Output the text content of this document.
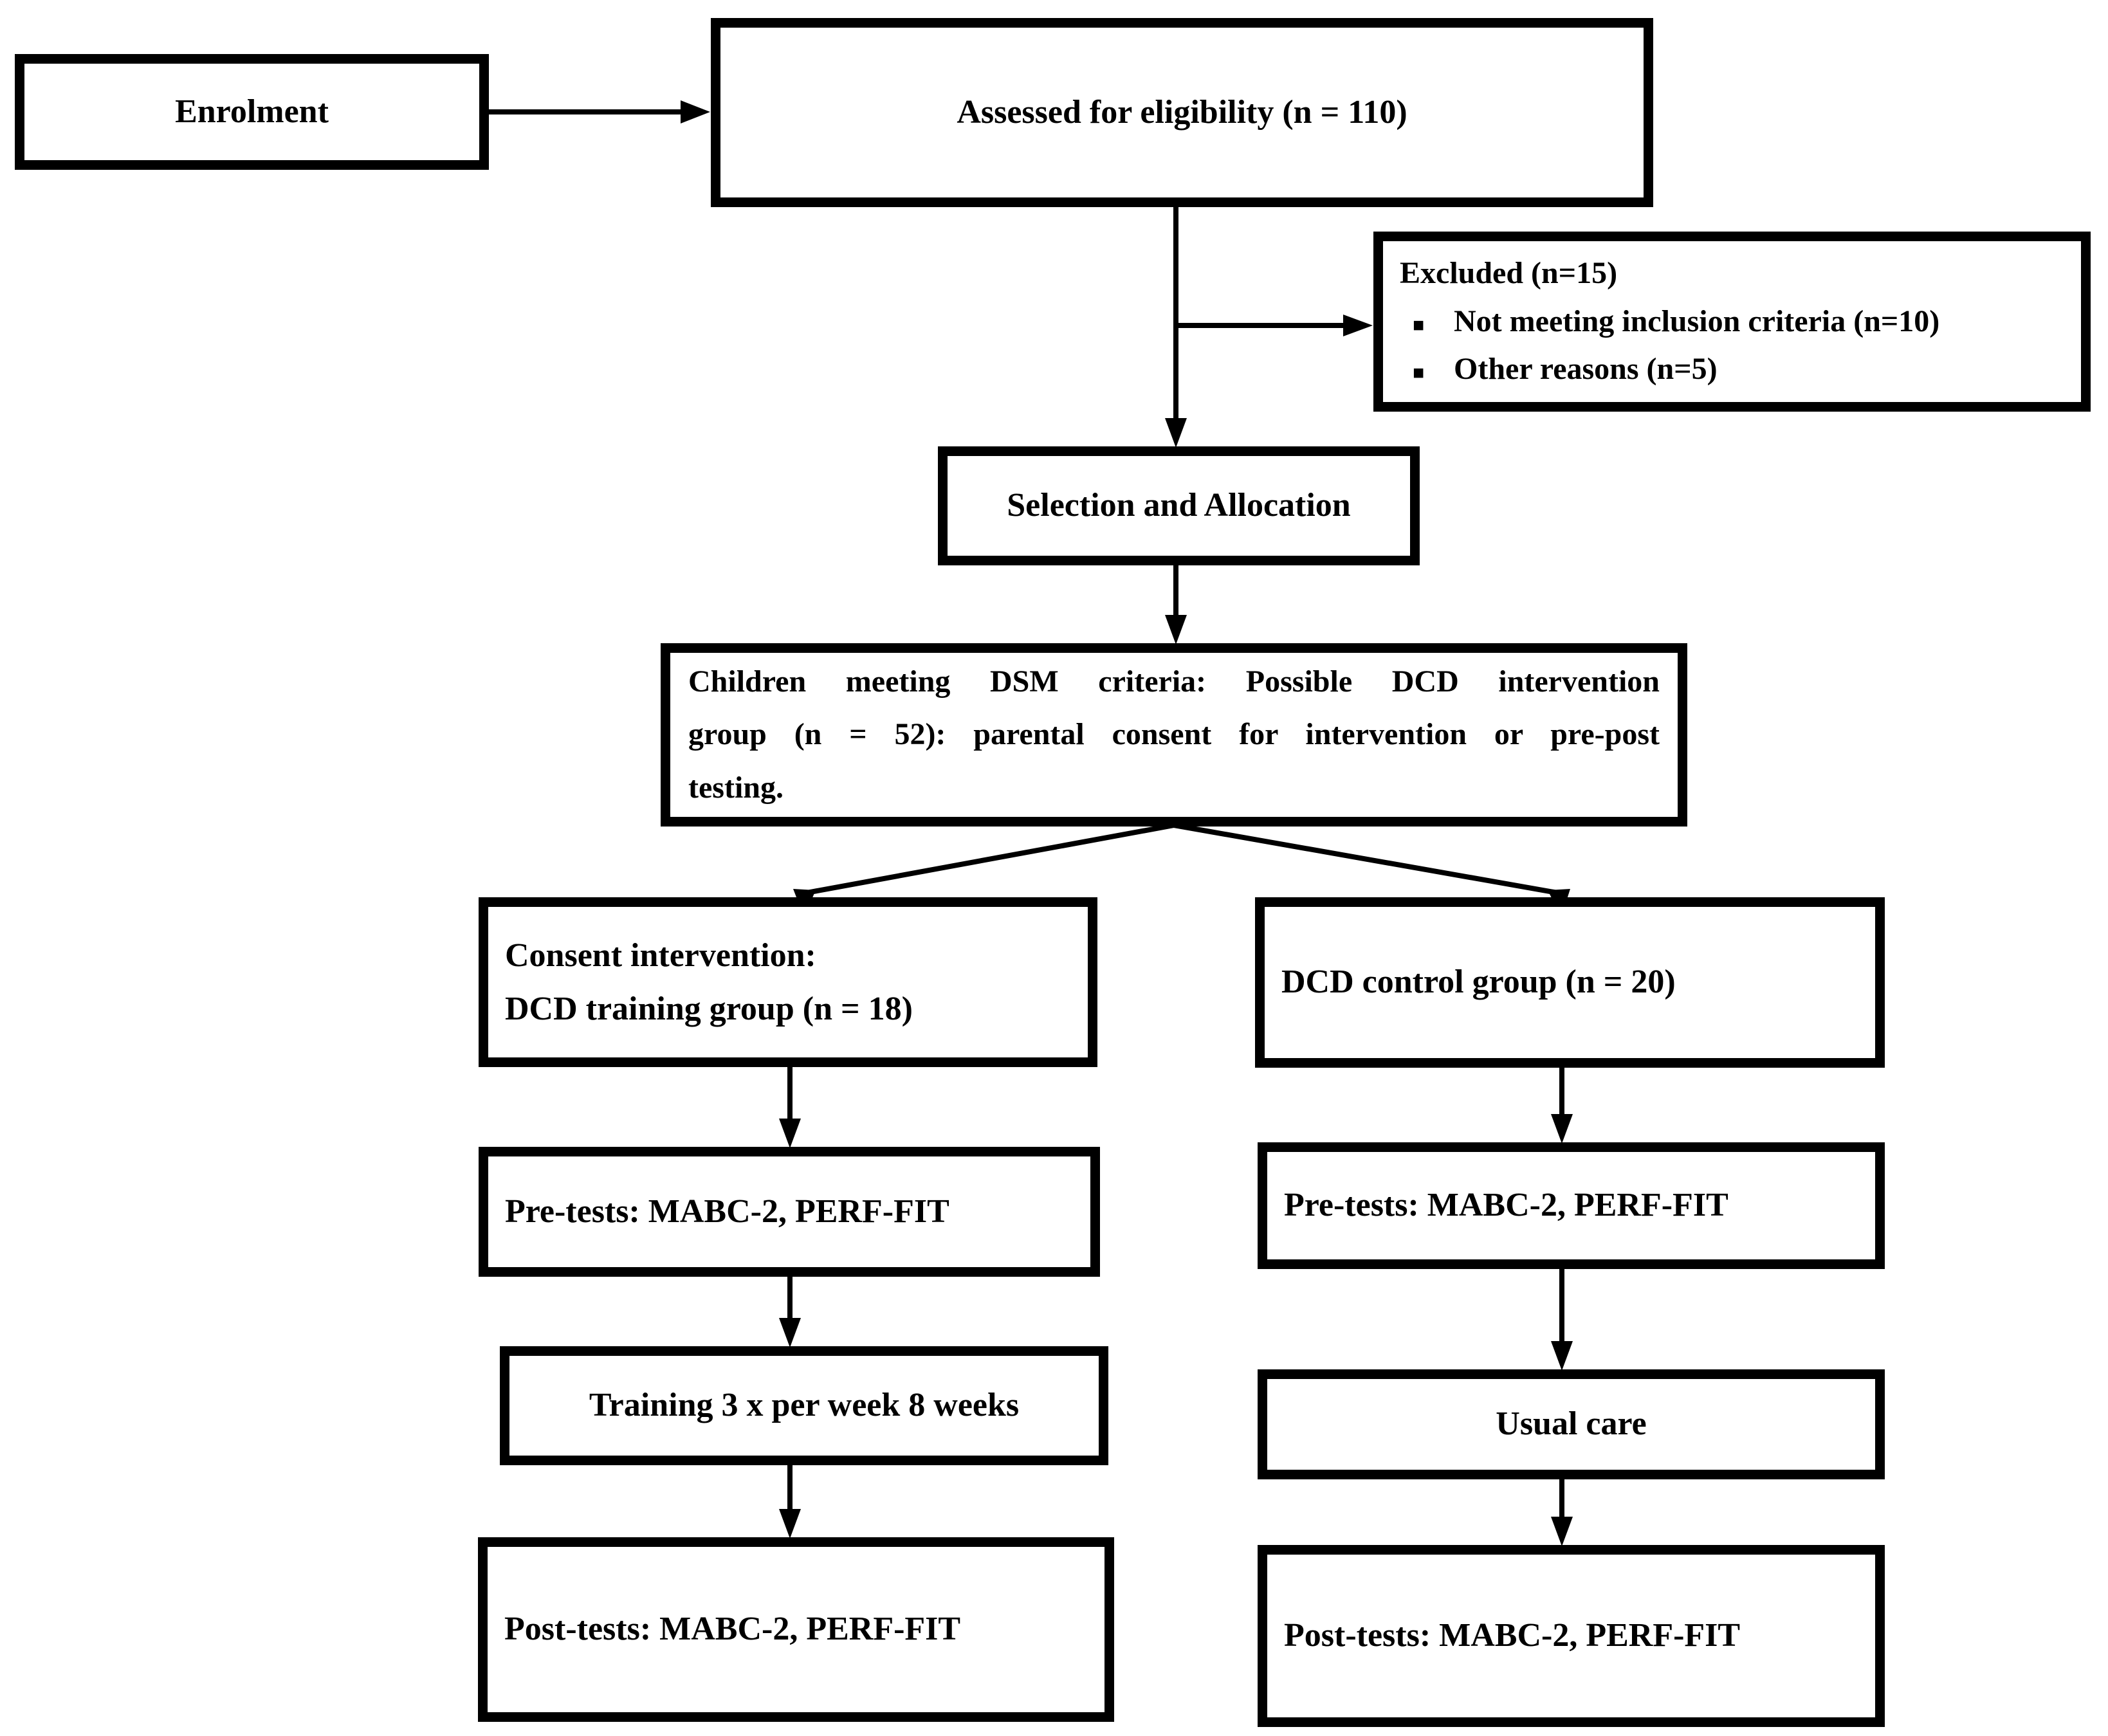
Enrolment	Assessed for eligibility (n = 110)
Excluded (n=15)
■ Not meeting inclusion criteria (n=10)
■ Other reasons (n=5)
Selection and Allocation
Children meeting DSM criteria: Possible DCD intervention
group (n = 52): parental consent for intervention or pre-post
testing.
Consent intervention:
DCD training group (n = 18)
DCD control group (n = 20)
Pre-tests: MABC-2, PERF-FIT	Pre-tests: MABC-2, PERF-FIT
Training 3 x per week 8 weeks
Usual care
Post-tests: MABC-2, PERF-FIT	Post-tests: MABC-2, PERF-FIT
